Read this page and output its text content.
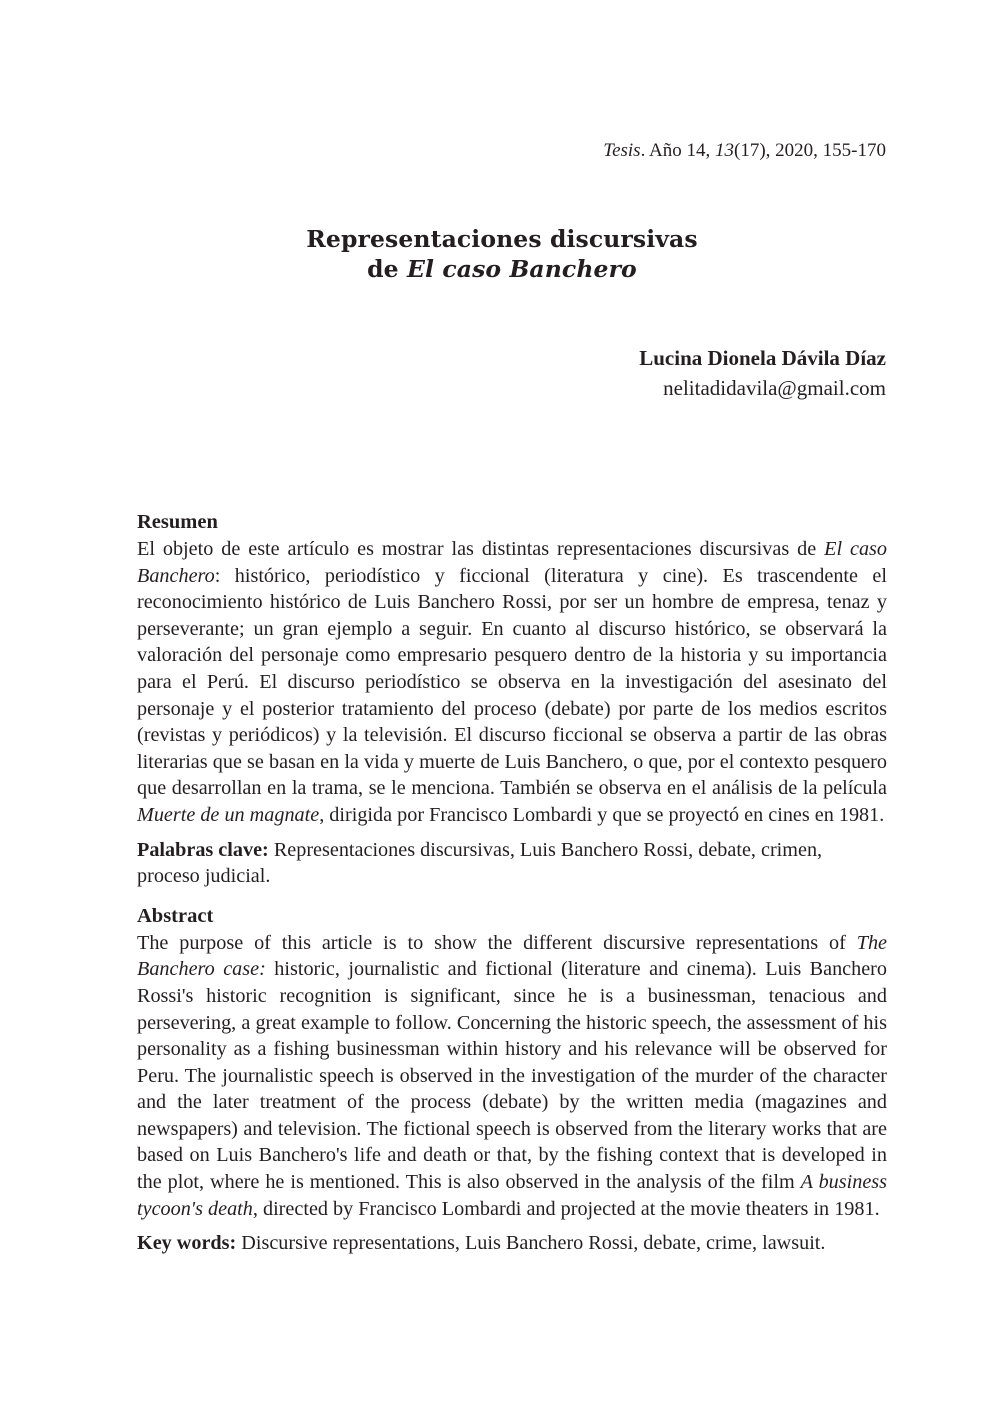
Tesis. Año 14, 13(17), 2020, 155-170
Representaciones discursivas
de El caso Banchero
Lucina Dionela Dávila Díaz
nelitadidavila@gmail.com
Resumen

El objeto de este artículo es mostrar las distintas representaciones discursivas de El caso Banchero: histórico, periodístico y ficcional (literatura y cine). Es trascendente el reconocimiento histórico de Luis Banchero Rossi, por ser un hombre de empresa, tenaz y perseverante; un gran ejemplo a seguir. En cuanto al discurso histórico, se observará la valoración del personaje como empresario pesquero dentro de la historia y su importancia para el Perú. El discurso periodístico se observa en la investigación del asesinato del personaje y el posterior tratamiento del proceso (debate) por parte de los medios escritos (revistas y periódicos) y la televisión. El discurso ficcional se observa a partir de las obras literarias que se basan en la vida y muerte de Luis Banchero, o que, por el contexto pesquero que desarrollan en la trama, se le menciona. También se observa en el análisis de la película Muerte de un magnate, dirigida por Francisco Lombardi y que se proyectó en cines en 1981.

Palabras clave: Representaciones discursivas, Luis Banchero Rossi, debate, crimen, proceso judicial.

Abstract

The purpose of this article is to show the different discursive representations of The Banchero case: historic, journalistic and fictional (literature and cinema). Luis Banchero Rossi's historic recognition is significant, since he is a businessman, tenacious and persevering, a great example to follow. Concerning the historic speech, the assessment of his personality as a fishing businessman within history and his relevance will be observed for Peru. The journalistic speech is observed in the investigation of the murder of the character and the later treatment of the process (debate) by the written media (magazines and newspapers) and television. The fictional speech is observed from the literary works that are based on Luis Banchero's life and death or that, by the fishing context that is developed in the plot, where he is mentioned. This is also observed in the analysis of the film A business tycoon's death, directed by Francisco Lombardi and projected at the movie theaters in 1981.

Key words: Discursive representations, Luis Banchero Rossi, debate, crime, lawsuit.
